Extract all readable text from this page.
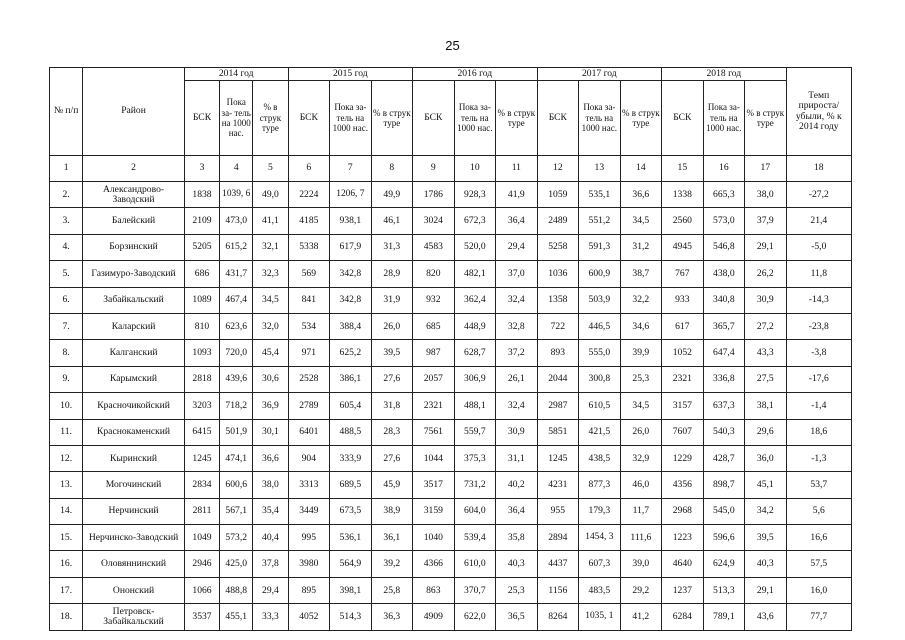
25
№ п/п	Район	2014 год			2015 год			2016 год			2017 год			2018 год			Темп прироста/ убыли, % к 2014 году
		БСК	Пока за- тель на 1000 нас.	% в струк туре	БСК	Пока за- тель на 1000 нас.	% в струк туре	БСК	Пока за- тель на 1000 нас.	% в струк туре	БСК	Пока за- тель на 1000 нас.	% в струк туре	БСК	Пока за- тель на 1000 нас.	% в струк туре	
1	2	3	4	5	6	7	8	9	10	11	12	13	14	15	16	17	18
2.	Александрово-Заводский	1838	1039, 6	49,0	2224	1206, 7	49,9	1786	928,3	41,9	1059	535,1	36,6	1338	665,3	38,0	-27,2
3.	Балейский	2109	473,0	41,1	4185	938,1	46,1	3024	672,3	36,4	2489	551,2	34,5	2560	573,0	37,9	21,4
4.	Борзинский	5205	615,2	32,1	5338	617,9	31,3	4583	520,0	29,4	5258	591,3	31,2	4945	546,8	29,1	-5,0
5.	Газимуро-Заводский	686	431,7	32,3	569	342,8	28,9	820	482,1	37,0	1036	600,9	38,7	767	438,0	26,2	11,8
6.	Забайкальский	1089	467,4	34,5	841	342,8	31,9	932	362,4	32,4	1358	503,9	32,2	933	340,8	30,9	-14,3
7.	Каларский	810	623,6	32,0	534	388,4	26,0	685	448,9	32,8	722	446,5	34,6	617	365,7	27,2	-23,8
8.	Калганский	1093	720,0	45,4	971	625,2	39,5	987	628,7	37,2	893	555,0	39,9	1052	647,4	43,3	-3,8
9.	Карымский	2818	439,6	30,6	2528	386,1	27,6	2057	306,9	26,1	2044	300,8	25,3	2321	336,8	27,5	-17,6
10.	Красночикойский	3203	718,2	36,9	2789	605,4	31,8	2321	488,1	32,4	2987	610,5	34,5	3157	637,3	38,1	-1,4
11.	Краснокаменский	6415	501,9	30,1	6401	488,5	28,3	7561	559,7	30,9	5851	421,5	26,0	7607	540,3	29,6	18,6
12.	Кыринский	1245	474,1	36,6	904	333,9	27,6	1044	375,3	31,1	1245	438,5	32,9	1229	428,7	36,0	-1,3
13.	Могочинский	2834	600,6	38,0	3313	689,5	45,9	3517	731,2	40,2	4231	877,3	46,0	4356	898,7	45,1	53,7
14.	Нерчинский	2811	567,1	35,4	3449	673,5	38,9	3159	604,0	36,4	955	179,3	11,7	2968	545,0	34,2	5,6
15.	Нерчинско-Заводский	1049	573,2	40,4	995	536,1	36,1	1040	539,4	35,8	2894	1454, 3	111,6	1223	596,6	39,5	16,6
16.	Оловяннинский	2946	425,0	37,8	3980	564,9	39,2	4366	610,0	40,3	4437	607,3	39,0	4640	624,9	40,3	57,5
17.	Ононский	1066	488,8	29,4	895	398,1	25,8	863	370,7	25,3	1156	483,5	29,2	1237	513,3	29,1	16,0
18.	Петровск-Забайкальский	3537	455,1	33,3	4052	514,3	36,3	4909	622,0	36,5	8264	1035, 1	41,2	6284	789,1	43,6	77,7
